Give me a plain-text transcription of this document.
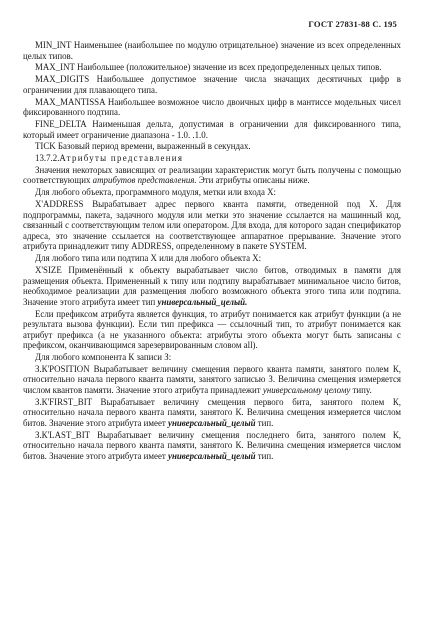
ГОСТ 27831-88 С. 195

MIN_INT Наименьшее (наибольшее по модулю отрицательное) значение из всех определенных целых типов.

MAX_INT Наибольшее (положительное) значение из всех предопределенных целых типов.

MAX_DIGITS Наибольшее допустимое значение числа значащих десятичных цифр в ограничении для плавающего типа.

MAX_MANTISSA Наибольшее возможное число двоичных цифр в мантиссе модельных чисел фиксированного подтипа.

FINE_DELTA Наименьшая дельта, допустимая в ограничении для фиксированного типа, который имеет ограничение диапазона - 1.0. .1.0.

TICK Базовый период времени, выраженный в секундах.

13.7.2.Атрибуты представления

Значения некоторых зависящих от реализации характеристик могут быть получены с помощью соответствующих атрибутов представления. Эти атрибуты описаны ниже.

Для любого объекта, программного модуля, метки или входа X:

X'ADDRESS Вырабатывает адрес первого кванта памяти, отведенной под X. Для подпрограммы, пакета, задачного модуля или метки это значение ссылается на машинный код, связанный с соответствующим телом или оператором. Для входа, для которого задан спецификатор адреса, это значение ссылается на соответствующее аппаратное прерывание. Значение этого атрибута принадлежит типу ADDRESS, определенному в пакете SYSTEM.

Для любого типа или подтипа X или для любого объекта X:

X'SIZE Применённый к объекту вырабатывает число битов, отводимых в памяти для размещения объекта. Примененный к типу или подтипу вырабатывает минимальное число битов, необходимое реализации для размещения любого возможного объекта этого типа или подтипа. Значение этого атрибута имеет тип универсальный_целый.

Если префиксом атрибута является функция, то атрибут понимается как атрибут функции (а не результата вызова функции). Если тип префикса — ссылочный тип, то атрибут понимается как атрибут префикса (а не указанного объекта: атрибуты этого объекта могут быть записаны с префиксом, оканчивающимся зарезервированным словом all).

Для любого компонента К записи З:

З.К'POSITION Вырабатывает величину смещения первого кванта памяти, занятого полем К, относительно начала первого кванта памяти, занятого записью З. Величина смещения измеряется числом квантов памяти. Значение этого атрибута принадлежит универсальному целому типу.

З.К'FIRST_BIT Вырабатывает величину смещения первого бита, занятого полем К, относительно начала первого кванта памяти, занятого К. Величина смещения измеряется числом битов. Значение этого атрибута имеет универсальный_целый тип.

З.К'LAST_BIT Вырабатывает величину смещения последнего бита, занятого полем К, относительно начала первого кванта памяти, занятого К. Величина смещения измеряется числом битов. Значение этого атрибута имеет универсальный_целый тип.
